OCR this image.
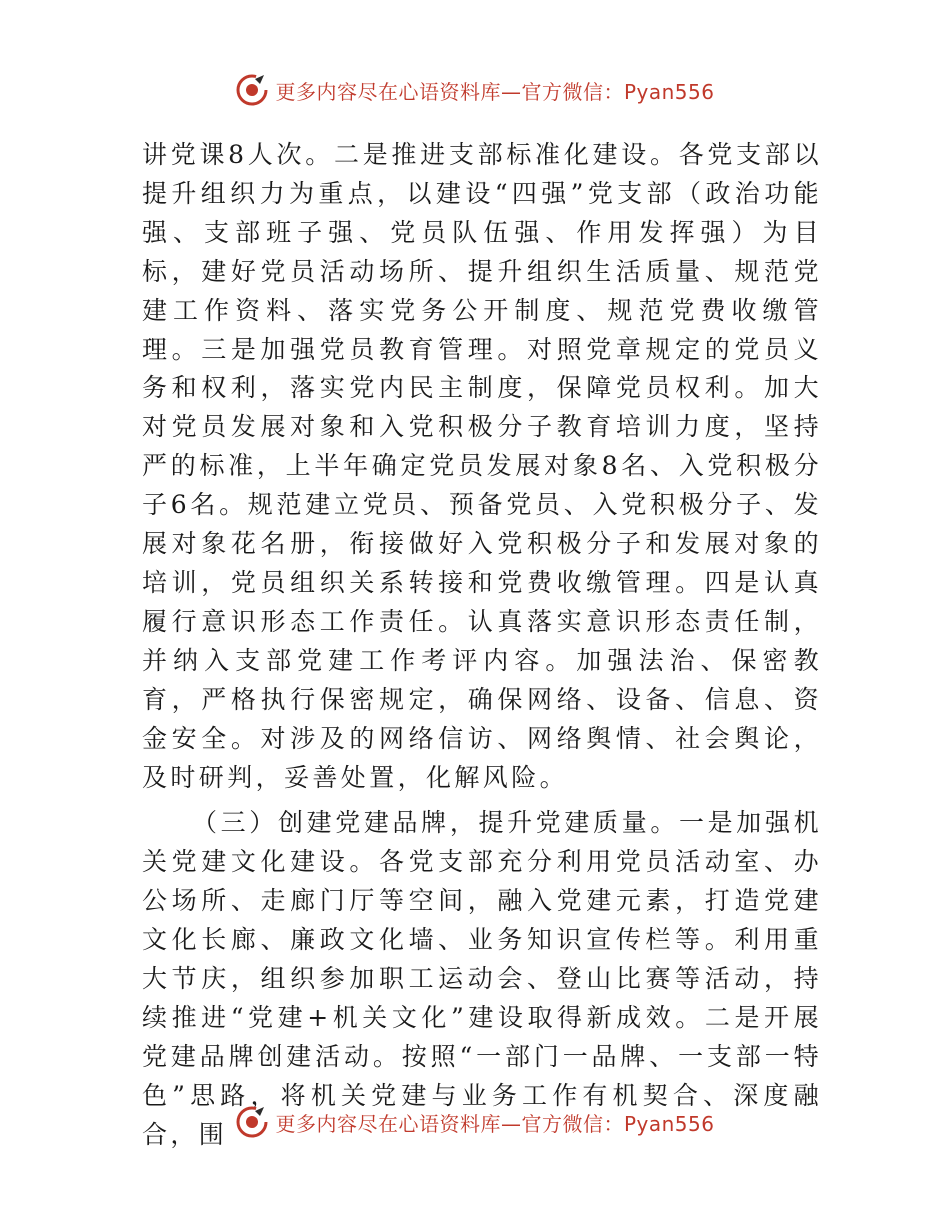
更多内容尽在心语资料库—官方微信：Pyan556

讲党课8人次。二是推进支部标准化建设。各党支部以提升组织力为重点，以建设“四强”党支部（政治功能强、支部班子强、党员队伍强、作用发挥强）为目标，建好党员活动场所、提升组织生活质量、规范党建工作资料、落实党务公开制度、规范党费收缴管理。三是加强党员教育管理。对照党章规定的党员义务和权利，落实党内民主制度，保障党员权利。加大对党员发展对象和入党积极分子教育培训力度，坚持严的标准，上半年确定党员发展对象8名、入党积极分子6名。规范建立党员、预备党员、入党积极分子、发展对象花名册，衔接做好入党积极分子和发展对象的培训，党员组织关系转接和党费收缴管理。四是认真履行意识形态工作责任。认真落实意识形态责任制，并纳入支部党建工作考评内容。加强法治、保密教育，严格执行保密规定，确保网络、设备、信息、资金安全。对涉及的网络信访、网络舆情、社会舆论，及时研判，妥善处置，化解风险。

（三）创建党建品牌，提升党建质量。一是加强机关党建文化建设。各党支部充分利用党员活动室、办公场所、走廊门厅等空间，融入党建元素，打造党建文化长廊、廉政文化墙、业务知识宣传栏等。利用重大节庆，组织参加职工运动会、登山比赛等活动，持续推进“党建+机关文化”建设取得新成效。二是开展党建品牌创建活动。按照“一部门一品牌、一支部一特色”思路，将机关党建与业务工作有机契合、深度融合，围	更多内容尽在心语资料库—官方微信：Pyan556
